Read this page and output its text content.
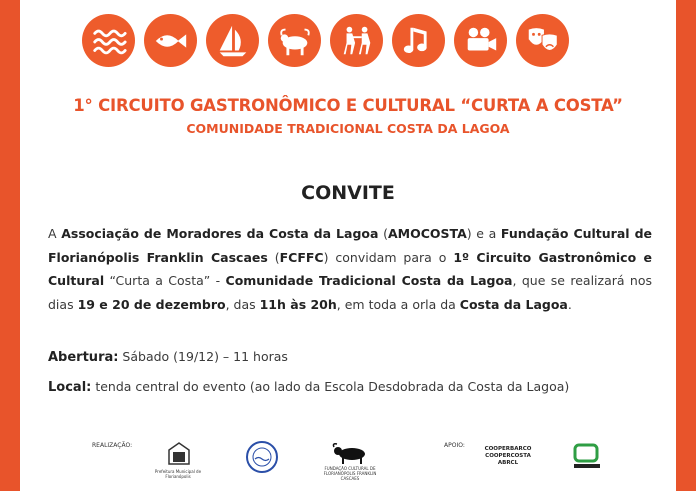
1° CIRCUITO GASTRONÔMICO E CULTURAL “CURTA A COSTA”
COMUNIDADE TRADICIONAL COSTA DA LAGOA
CONVITE
A Associação de Moradores da Costa da Lagoa (AMOCOSTA) e a Fundação Cultural de Florianópolis Franklin Cascaes (FCFFC) convidam para o 1º Circuito Gastronômico e Cultural “Curta a Costa” - Comunidade Tradicional Costa da Lagoa, que se realizará nos dias 19 e 20 de dezembro, das 11h às 20h, em toda a orla da Costa da Lagoa.
Abertura: Sábado (19/12) – 11 horas
Local: tenda central do evento (ao lado da Escola Desdobrada da Costa da Lagoa)
REALIZAÇÃO:	APOIO:
Prefeitura Municipal de Florianópolis
FUNDAÇÃO CULTURAL DE FLORIANÓPOLIS FRANKLIN CASCAES
COOPERBARCO
COOPERCOSTA
ABRCL
